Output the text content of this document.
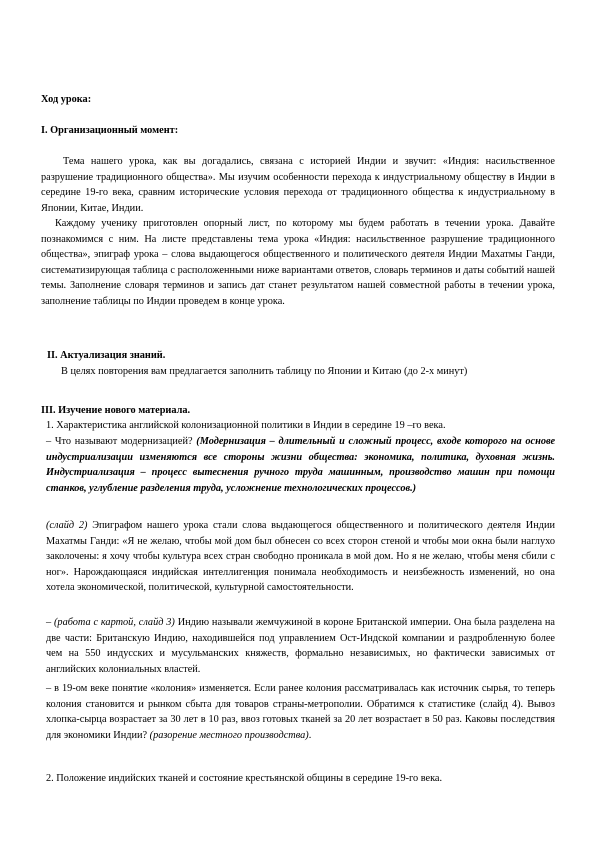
Ход урока:

I. Организационный момент:

Тема нашего урока, как вы догадались, связана с историей Индии и звучит: «Индия: насильственное разрушение традиционного общества». Мы изучим особенности перехода к индустриальному обществу в Индии в середине 19-го века, сравним исторические условия перехода от традиционного общества к индустриальному в Японии, Китае, Индии.

Каждому ученику приготовлен опорный лист, по которому мы будем работать в течении урока. Давайте познакомимся с ним. На листе представлены тема урока «Индия: насильственное разрушение традиционного общества», эпиграф урока – слова выдающегося общественного и политического деятеля Индии Махатмы Ганди, систематизирующая таблица с расположенными ниже вариантами ответов, словарь терминов и даты событий нашей темы. Заполнение словаря терминов и запись дат станет результатом нашей совместной работы в течении урока, заполнение таблицы по Индии проведем в конце урока.

II. Актуализация знаний.

В целях повторения вам предлагается заполнить таблицу по Японии и Китаю (до 2-х минут)

III. Изучение нового материала.

1. Характеристика английской колонизационной политики в Индии в середине 19 –го века.

– Что называют модернизацией? (Модернизация – длительный и сложный процесс, входе которого на основе индустриализации изменяются все стороны жизни общества: экономика, политика, духовная жизнь. Индустриализация – процесс вытеснения ручного труда машинным, производство машин при помощи станков, углубление разделения труда, усложнение технологических процессов.)

(слайд 2) Эпиграфом нашего урока стали слова выдающегося общественного и политического деятеля Индии Махатмы Ганди: «Я не желаю, чтобы мой дом был обнесен со всех сторон стеной и чтобы мои окна были наглухо заколочены: я хочу чтобы культура всех стран свободно проникала в мой дом. Но я не желаю, чтобы меня сбили с ног». Нарождающаяся индийская интеллигенция понимала необходимость и неизбежность изменений, но она хотела экономической, политической, культурной самостоятельности.

– (работа с картой, слайд 3) Индию называли жемчужиной в короне Британской империи. Она была разделена на две части: Британскую Индию, находившейся под управлением Ост-Индской компании и раздробленную более чем на 550 индусских и мусульманских княжеств, формально независимых, но фактически зависимых от английских колониальных властей.

– в 19-ом веке понятие «колония» изменяется. Если ранее колония рассматривалась как источник сырья, то теперь колония становится и рынком сбыта для товаров страны-метрополии. Обратимся к статистике (слайд 4). Вывоз хлопка-сырца возрастает за 30 лет в 10 раз, ввоз готовых тканей за 20 лет возрастает в 50 раз. Каковы последствия для экономики Индии? (разорение местного производства).

2. Положение индийских тканей и состояние крестьянской общины в середине 19-го века.
